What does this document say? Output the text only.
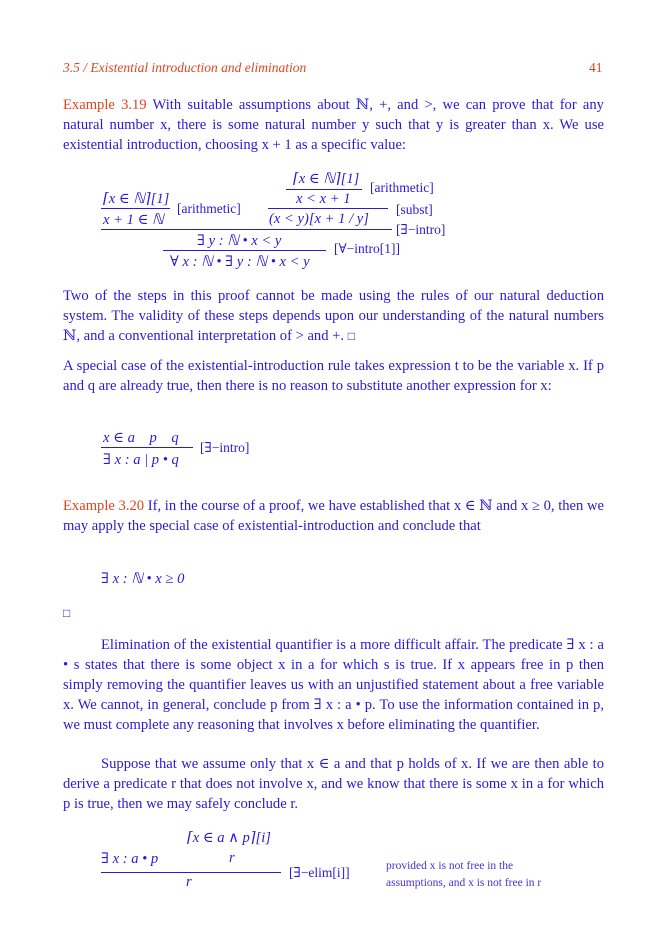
3.5 / Existential introduction and elimination	41
Example 3.19 With suitable assumptions about ℕ, +, and >, we can prove that for any natural number x, there is some natural number y such that y is greater than x. We use existential introduction, choosing x + 1 as a specific value:
⌈x ∈ ℕ⌉[1]
x + 1 ∈ ℕ
[arithmetic]
⌈x ∈ ℕ⌉[1]
x < x + 1
[arithmetic]
(x < y)[x + 1 / y]
[subst]
[∃−intro]
∃ y : ℕ • x < y
∀ x : ℕ • ∃ y : ℕ • x < y
[∀−intro[1]]
Two of the steps in this proof cannot be made using the rules of our natural deduction system. The validity of these steps depends upon our understanding of the natural numbers ℕ, and a conventional interpretation of > and +. □
A special case of the existential-introduction rule takes expression t to be the variable x. If p and q are already true, then there is no reason to substitute another expression for x:
x ∈ a    p    q
∃ x : a | p • q
[∃−intro]
Example 3.20 If, in the course of a proof, we have established that x ∈ ℕ and x ≥ 0, then we may apply the special case of existential-introduction and conclude that
∃ x : ℕ • x ≥ 0
□
Elimination of the existential quantifier is a more difficult affair. The predicate ∃ x : a • s states that there is some object x in a for which s is true. If x appears free in p then simply removing the quantifier leaves us with an unjustified statement about a free variable x. We cannot, in general, conclude p from ∃ x : a • p. To use the information contained in p, we must complete any reasoning that involves x before eliminating the quantifier.
Suppose that we assume only that x ∈ a and that p holds of x. If we are then able to derive a predicate r that does not involve x, and we know that there is some x in a for which p is true, then we may safely conclude r.
⌈x ∈ a ∧ p⌉[i]
∃ x : a • p	r
r
[∃−elim[i]]	provided x is not free in the
assumptions, and x is not free in r
